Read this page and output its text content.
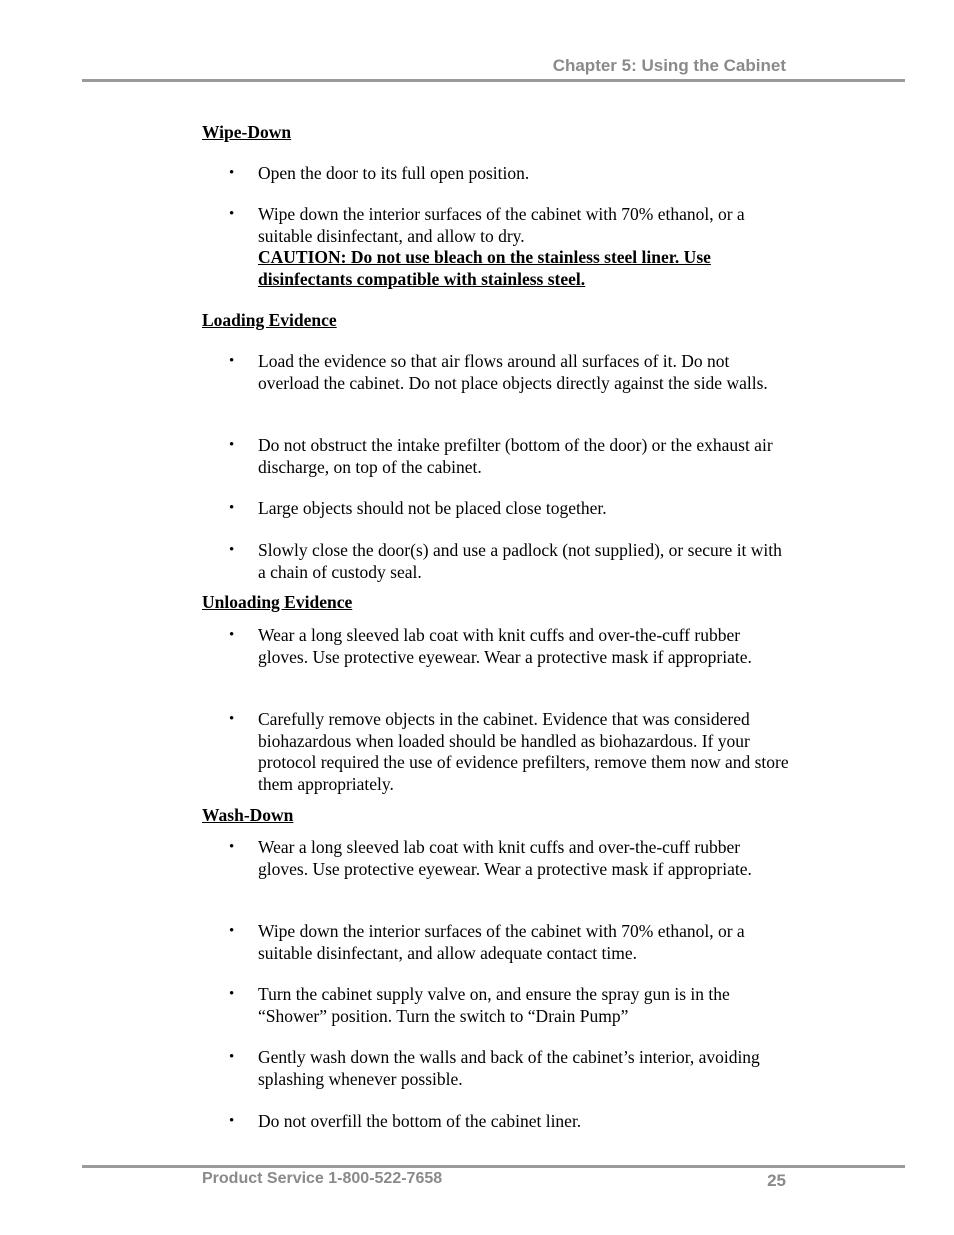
Chapter 5: Using the Cabinet
Wipe-Down
• Open the door to its full open position.
• Wipe down the interior surfaces of the cabinet with 70% ethanol, or a suitable disinfectant, and allow to dry.
CAUTION: Do not use bleach on the stainless steel liner. Use disinfectants compatible with stainless steel.
Loading Evidence
• Load the evidence so that air flows around all surfaces of it. Do not overload the cabinet. Do not place objects directly against the side walls.
• Do not obstruct the intake prefilter (bottom of the door) or the exhaust air discharge, on top of the cabinet.
• Large objects should not be placed close together.
• Slowly close the door(s) and use a padlock (not supplied), or secure it with a chain of custody seal.
Unloading Evidence
• Wear a long sleeved lab coat with knit cuffs and over-the-cuff rubber gloves. Use protective eyewear. Wear a protective mask if appropriate.
• Carefully remove objects in the cabinet. Evidence that was considered biohazardous when loaded should be handled as biohazardous. If your protocol required the use of evidence prefilters, remove them now and store them appropriately.
Wash-Down
• Wear a long sleeved lab coat with knit cuffs and over-the-cuff rubber gloves. Use protective eyewear. Wear a protective mask if appropriate.
• Wipe down the interior surfaces of the cabinet with 70% ethanol, or a suitable disinfectant, and allow adequate contact time.
• Turn the cabinet supply valve on, and ensure the spray gun is in the “Shower” position. Turn the switch to “Drain Pump”
• Gently wash down the walls and back of the cabinet’s interior, avoiding splashing whenever possible.
• Do not overfill the bottom of the cabinet liner.
Product Service 1-800-522-7658	25
